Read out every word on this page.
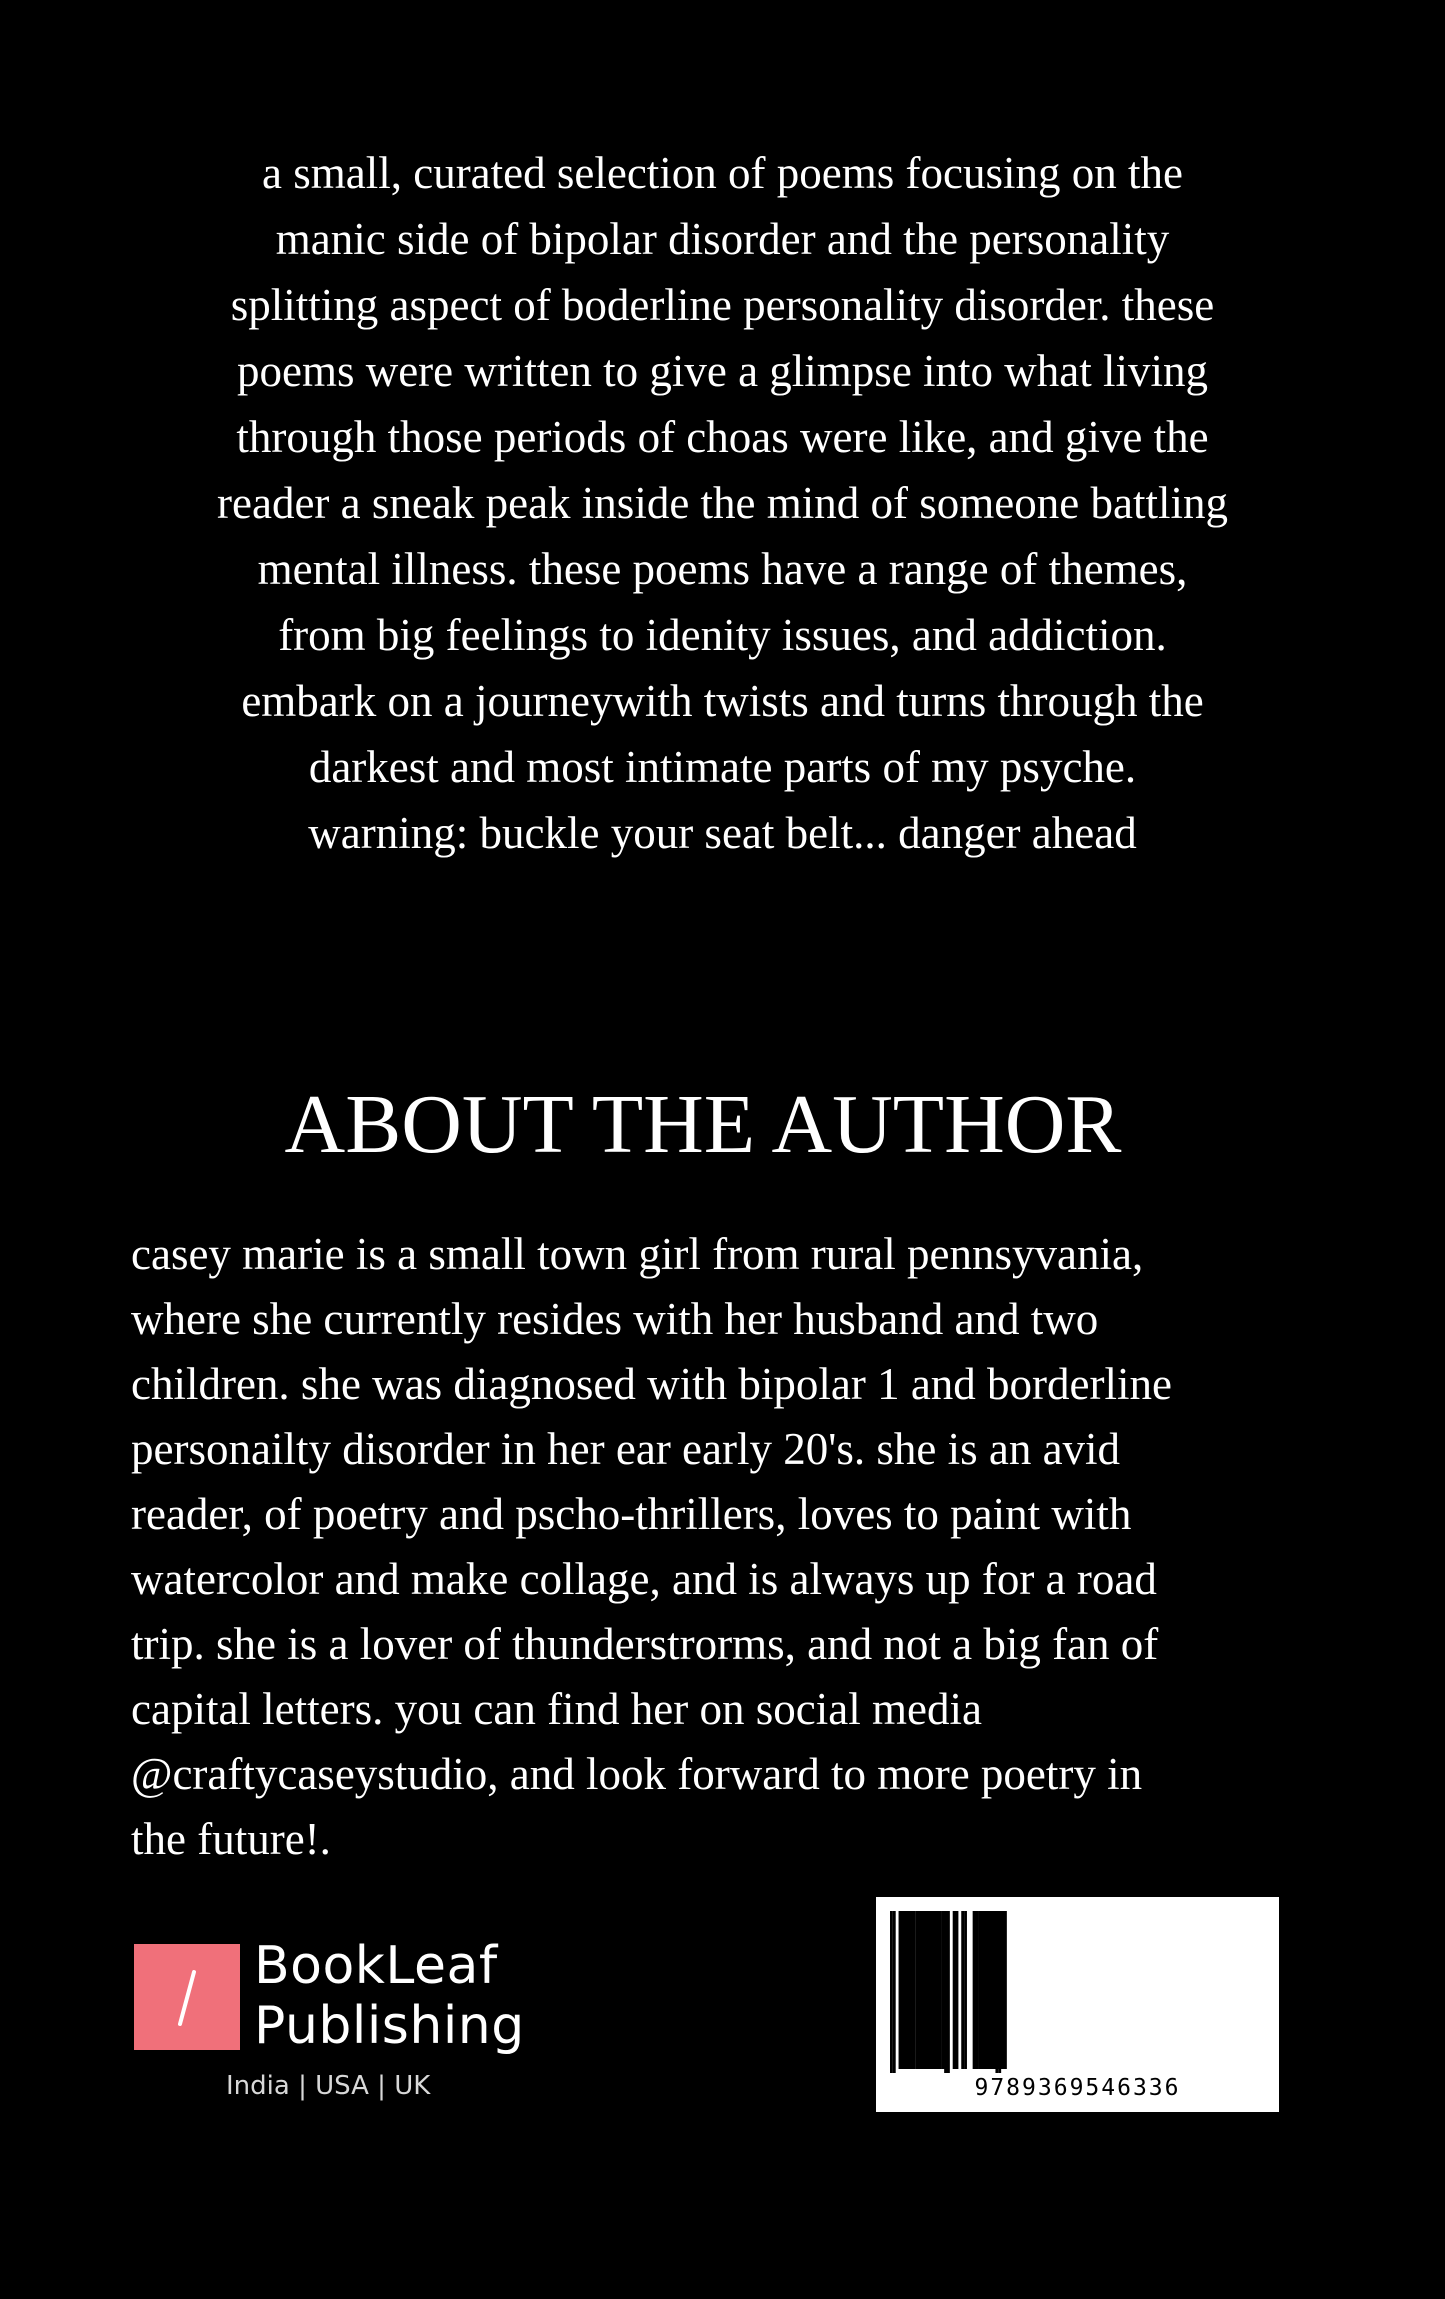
a small, curated selection of poems focusing on the
manic side of bipolar disorder and the personality
splitting aspect of boderline personality disorder. these
poems were written to give a glimpse into what living
through those periods of choas were like, and give the
reader a sneak peak inside the mind of someone battling
mental illness. these poems have a range of themes,
from big feelings to idenity issues, and addiction.
embark on a journeywith twists and turns through the
darkest and most intimate parts of my psyche.
warning: buckle your seat belt... danger ahead
ABOUT THE AUTHOR
casey marie is a small town girl from rural pennsyvania,
where she currently resides with her husband and two
children. she was diagnosed with bipolar 1 and borderline
personailty disorder in her ear early 20's. she is an avid
reader, of poetry and pscho-thrillers, loves to paint with
watercolor and make collage, and is always up for a road
trip. she is a lover of thunderstrorms, and not a big fan of
capital letters. you can find her on social media
@craftycaseystudio, and look forward to more poetry in
the future!.
BookLeaf
Publishing
India | USA | UK	9789369546336
